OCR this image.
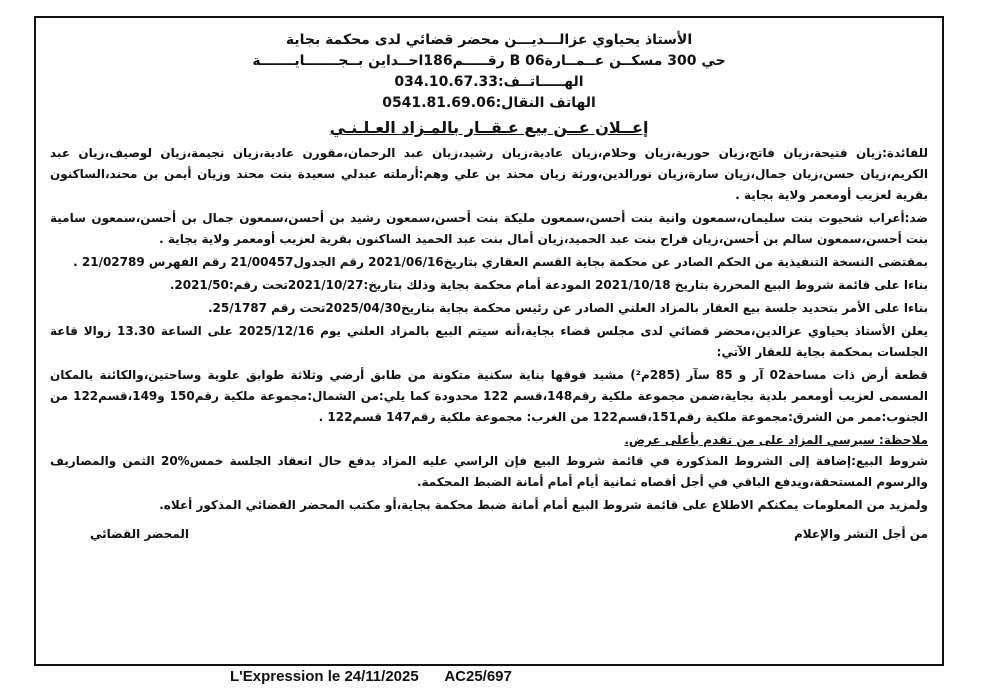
الأستاذ يحياوي عزالـــديـــن محضر قضائي لدى محكمة بجاية
حي 300 مسكــن عــمــارة06 B رقـــــم186احــداين بــجـــــــايـــــــة
الهـــــاتــف:034.10.67.33
الهاتف النقال:0541.81.69.06
إعــلان عــن بيع عـقــار بالمـزاد العـلـنـي

للفائدة:زيان فتيحة،زيان فاتح،زيان حورية،زيان وحلام،زيان عادية،زيان رشيد،زيان عبد الرحمان،مقورن عادية،زيان نجيمة،زيان لوصيف،زيان عبد الكريم،زيان حسن،زيان جمال،زيان سارة،زيان نورالدين،ورثة زيان محند بن علي وهم:أرملته عبدلي سعيدة بنت محند وزيان أيمن بن محند،الساكنون بقرية لعزيب أومعمر ولاية بجاية .

ضد:أعراب شحيوت بنت سليمان،سمعون وانية بنت أحسن،سمعون مليكة بنت أحسن،سمعون رشيد بن أحسن،سمعون جمال بن أحسن،سمعون سامية بنت أحسن،سمعون سالم بن أحسن،زيان فراح بنت عبد الحميد،زيان أمال بنت عبد الحميد الساكنون بقرية لعزيب أومعمر ولاية بجاية .

بمقتضى النسخة التنفيذية من الحكم الصادر عن محكمة بجاية القسم العقاري بتاريخ2021/06/16 رقم الجدول21/00457 رقم الفهرس 21/02789 .

بناءا على قائمة شروط البيع المحررة بتاريخ 2021/10/18 المودعة أمام محكمة بجاية وذلك بتاريخ:2021/10/27تحت رقم:2021/50.

بناءا على الأمر بتحديد جلسة بيع العقار بالمزاد العلني الصادر عن رئيس محكمة بجاية بتاريخ2025/04/30تحت رقم 25/1787.

يعلن الأستاذ يحياوي عزالدين،محضر قضائي لدى مجلس قضاء بجاية،أنه سيتم البيع بالمزاد العلني يوم 2025/12/16 على الساعة 13.30 زوالا قاعة الجلسات بمحكمة بجاية للعقار الآتي:

قطعة أرض ذات مساحة02 آر و 85 سآر (285م²) مشيد فوقها بناية سكنية متكونة من طابق أرضي وثلاثة طوابق علوية وساحتين،والكائنة بالمكان المسمى لعزيب أومعمر بلدية بجاية،ضمن مجموعة ملكية رقم148،قسم 122 محدودة كما يلي:من الشمال:مجموعة ملكية رقم150 و149،قسم122 من الجنوب:ممر من الشرق:مجموعة ملكية رقم151،قسم122 من الغرب: مجموعة ملكية رقم147 قسم122 .

ملاحظة: سيرسي المزاد على من تقدم بأعلى عرض.

شروط البيع:إضافة إلى الشروط المذكورة في قائمة شروط البيع فإن الراسي عليه المزاد يدفع حال انعقاد الجلسة خمس%20 الثمن والمصاريف والرسوم المستحقة،ويدفع الباقي في أجل أقصاه ثمانية أيام أمام أمانة الضبط المحكمة.

ولمزيد من المعلومات يمكنكم الاطلاع على قائمة شروط البيع أمام أمانة ضبط محكمة بجاية،أو مكتب المحضر القضائي المذكور أعلاه.

من أجل النشر والإعلام
المحضر القضائي
L'Expression le 24/11/2025 AC25/697
